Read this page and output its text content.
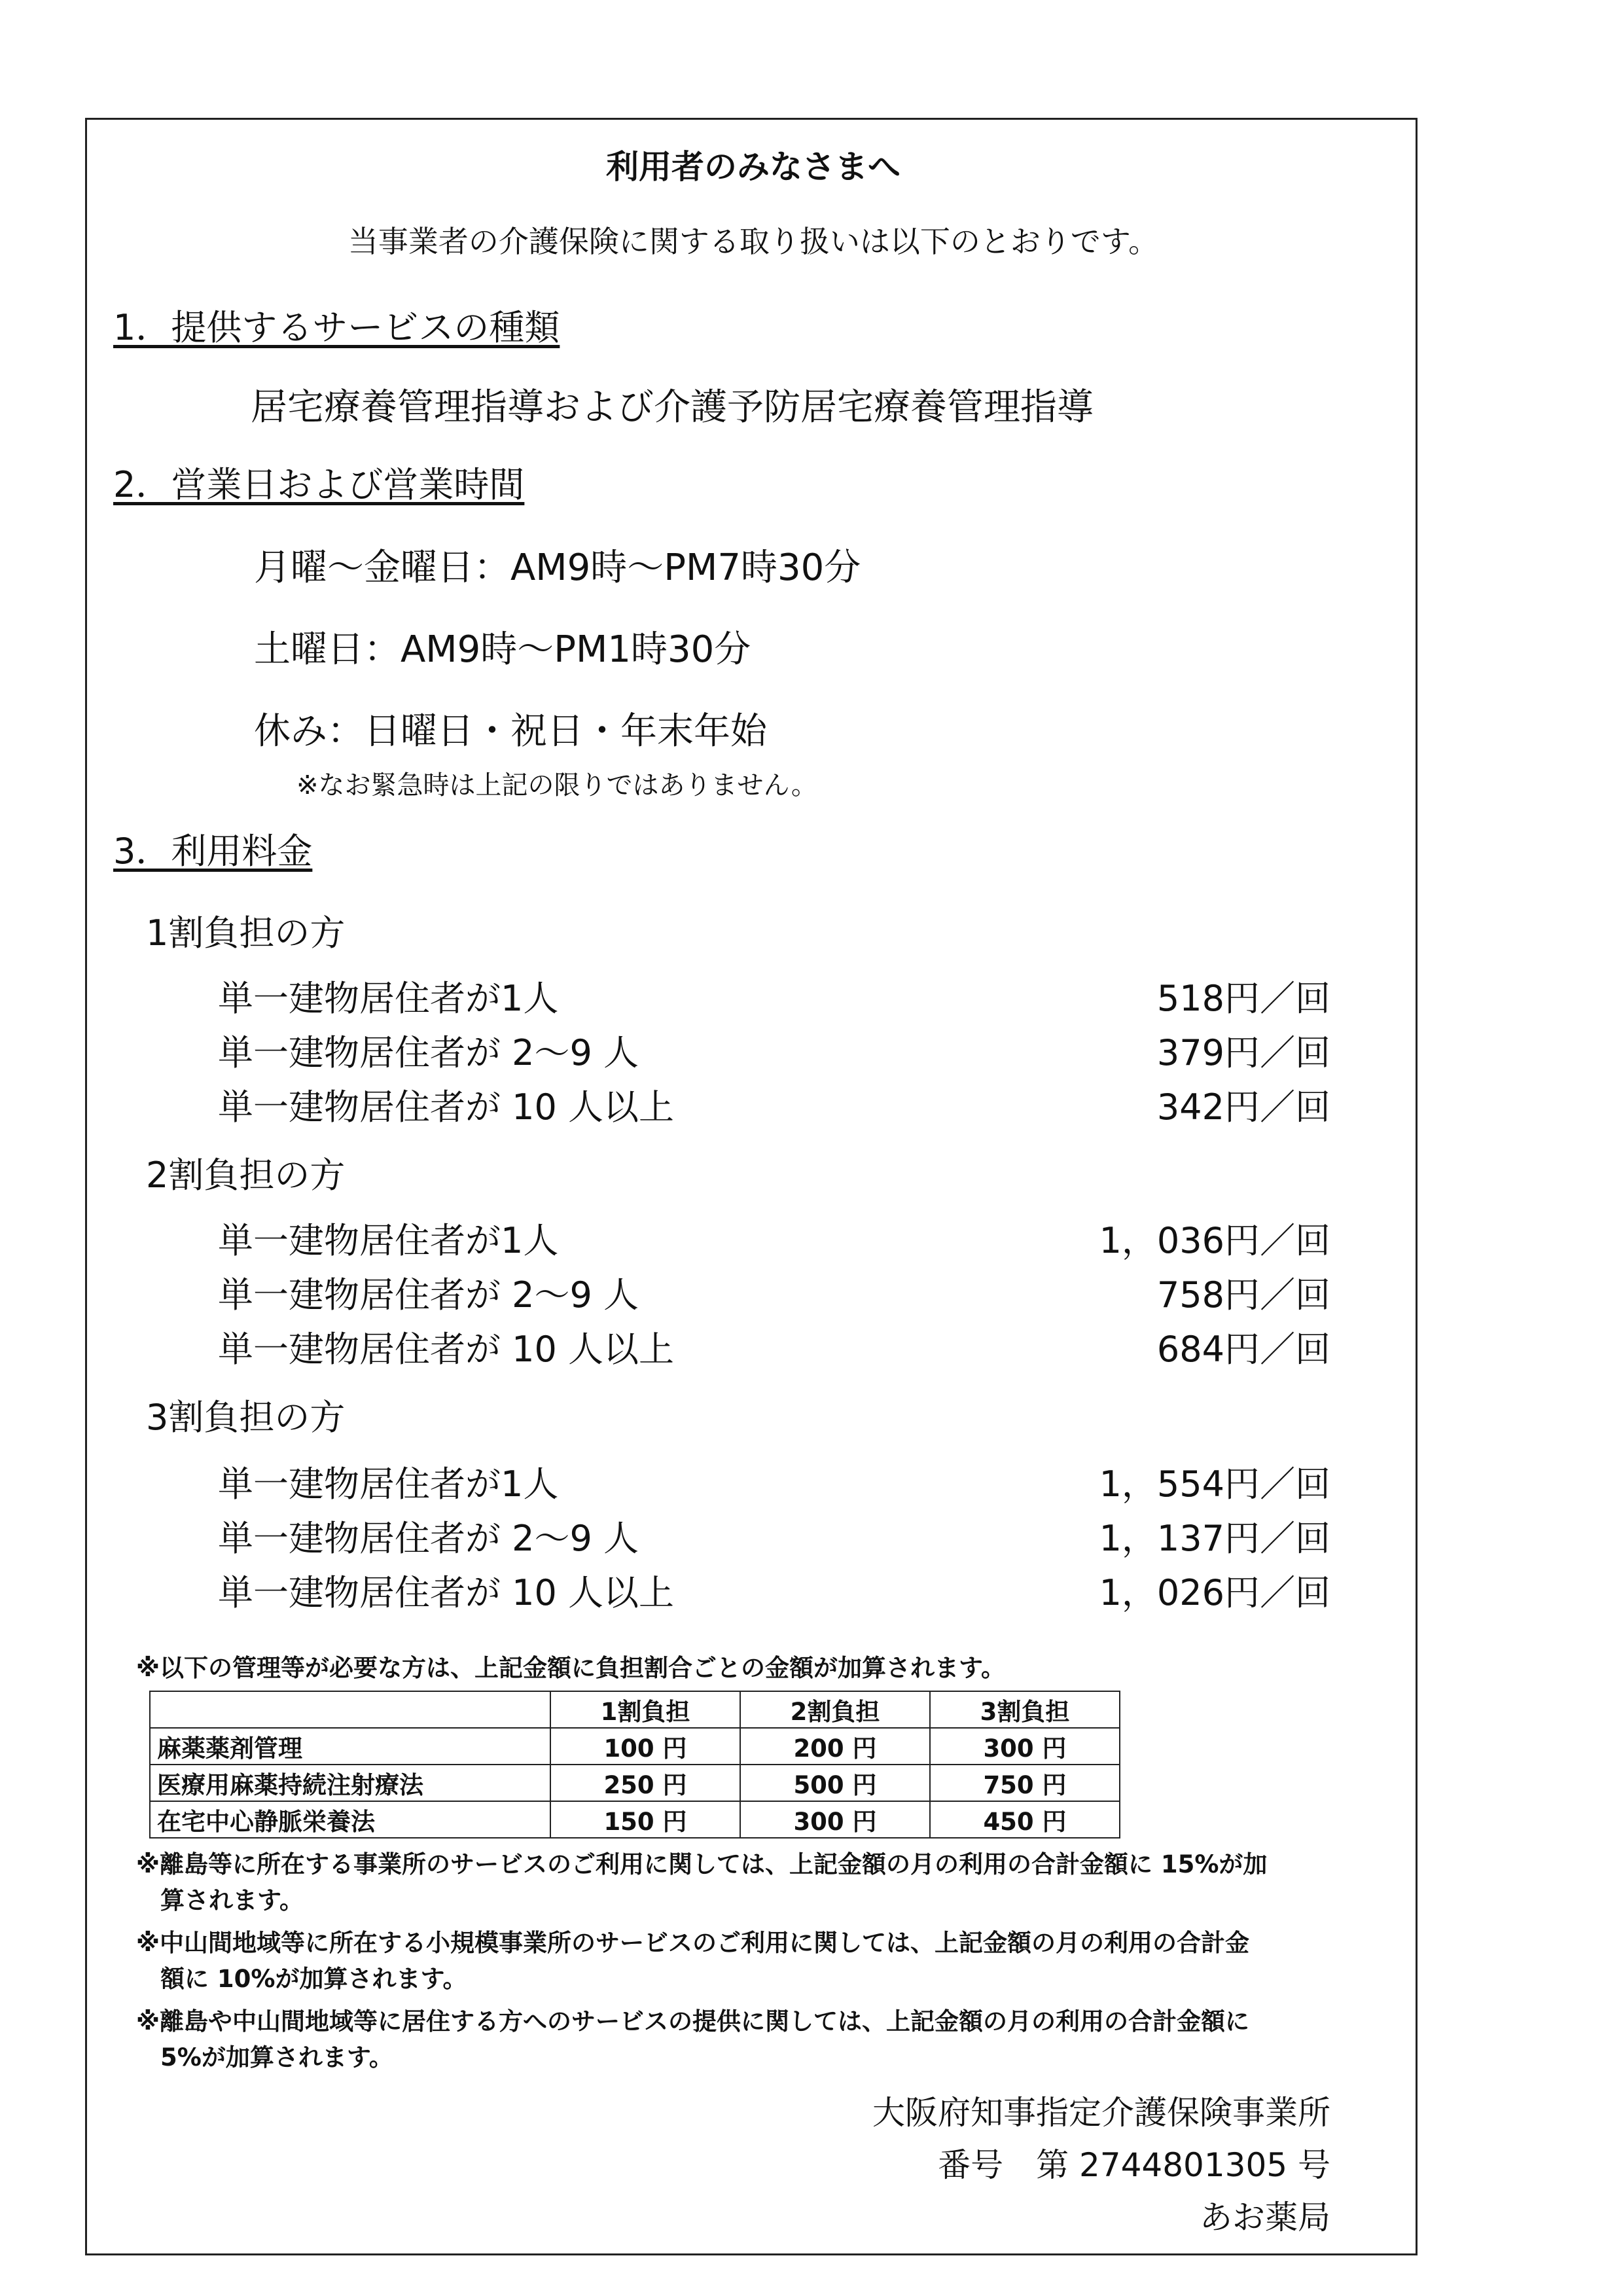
利用者のみなさまへ
当事業者の介護保険に関する取り扱いは以下のとおりです。
1．提供するサービスの種類
居宅療養管理指導および介護予防居宅療養管理指導
2．営業日および営業時間
月曜～金曜日：AM9時～PM7時30分
土曜日：AM9時～PM1時30分
休み：日曜日・祝日・年末年始
※なお緊急時は上記の限りではありません。
3．利用料金
1割負担の方
単一建物居住者が1人	518円／回
単一建物居住者が 2～9 人	379円／回
単一建物居住者が 10 人以上	342円／回
2割負担の方
単一建物居住者が1人	1，036円／回
単一建物居住者が 2～9 人	758円／回
単一建物居住者が 10 人以上	684円／回
3割負担の方
単一建物居住者が1人	1，554円／回
単一建物居住者が 2～9 人	1，137円／回
単一建物居住者が 10 人以上	1，026円／回
※以下の管理等が必要な方は、上記金額に負担割合ごとの金額が加算されます。
	1割負担	2割負担	3割負担
麻薬薬剤管理	100 円	200 円	300 円
医療用麻薬持続注射療法	250 円	500 円	750 円
在宅中心静脈栄養法	150 円	300 円	450 円
※離島等に所在する事業所のサービスのご利用に関しては、上記金額の月の利用の合計金額に 15%が加
算されます。
※中山間地域等に所在する小規模事業所のサービスのご利用に関しては、上記金額の月の利用の合計金
額に 10%が加算されます。
※離島や中山間地域等に居住する方へのサービスの提供に関しては、上記金額の月の利用の合計金額に
5%が加算されます。
大阪府知事指定介護保険事業所
番号　第 2744801305 号
あお薬局
